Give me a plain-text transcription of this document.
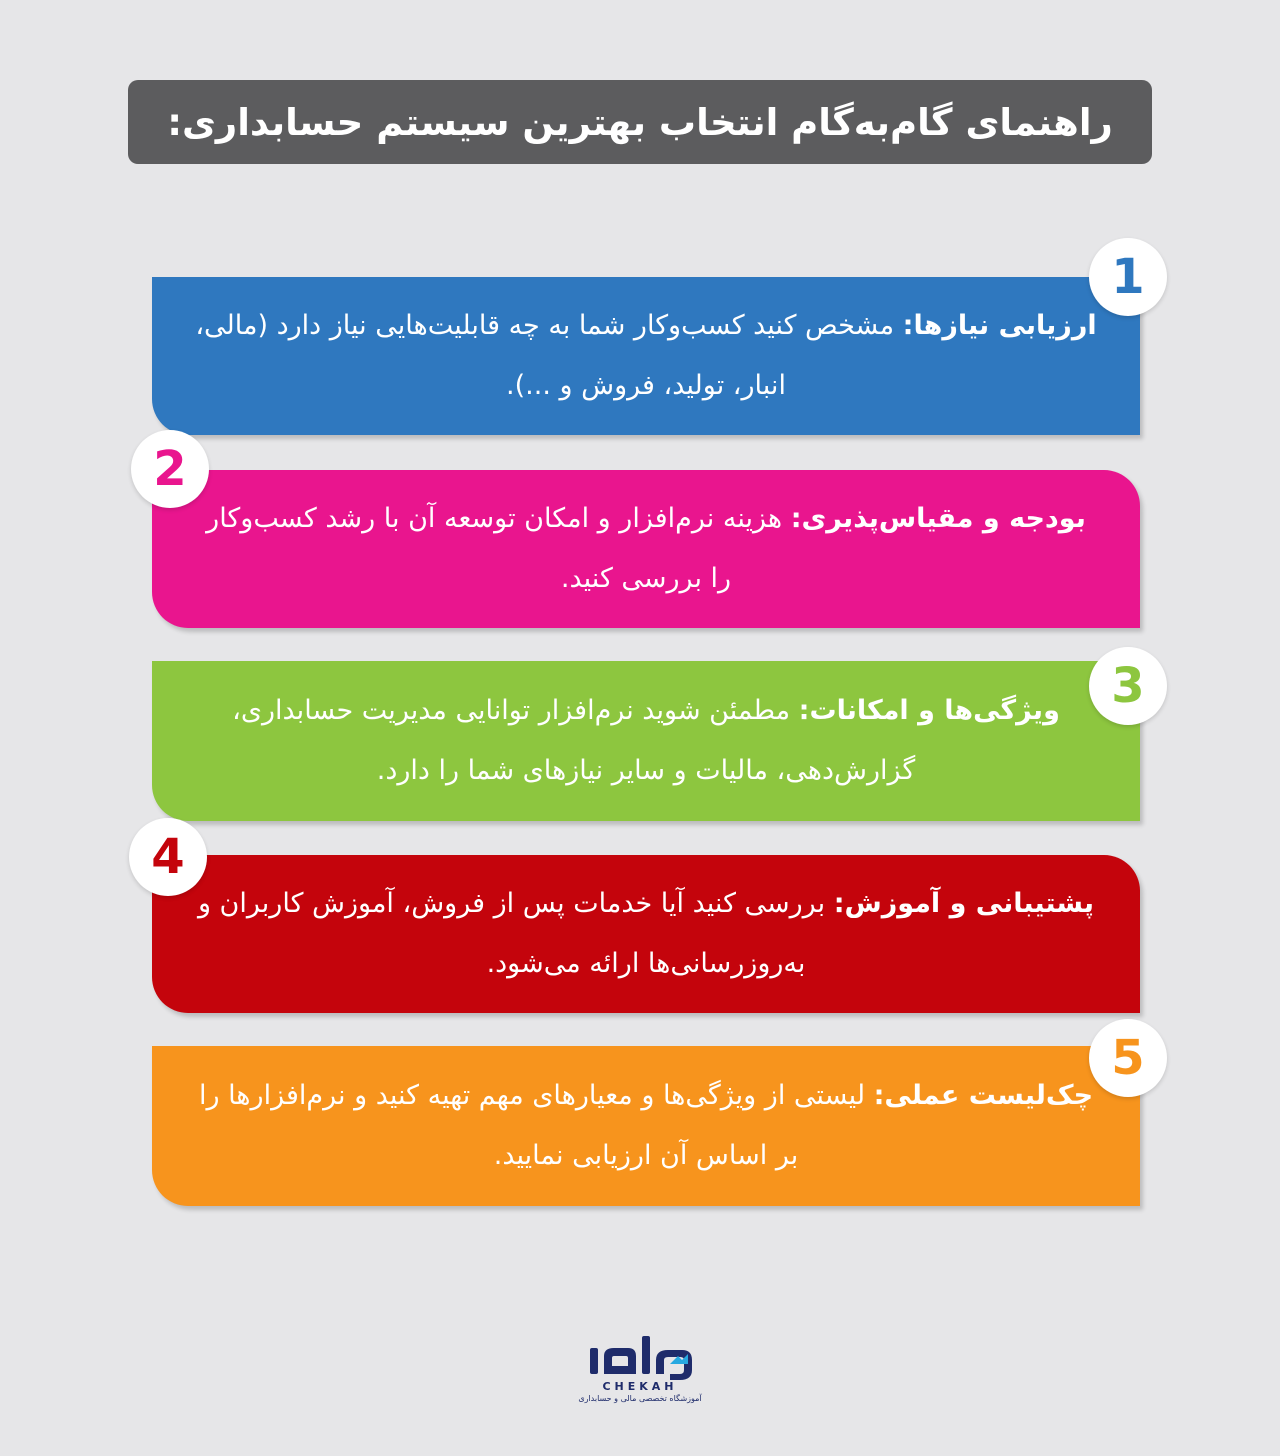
راهنمای گام‌به‌گام انتخاب بهترین سیستم حسابداری:
ارزیابی نیازها: مشخص کنید کسب‌وکار شما به چه قابلیت‌هایی نیاز دارد (مالی، انبار، تولید، فروش و ...).
1
بودجه و مقیاس‌پذیری: هزینه نرم‌افزار و امکان توسعه آن با رشد کسب‌وکار را بررسی کنید.
2
ویژگی‌ها و امکانات: مطمئن شوید نرم‌افزار توانایی مدیریت حسابداری، گزارش‌دهی، مالیات و سایر نیازهای شما را دارد.
3
پشتیبانی و آموزش: بررسی کنید آیا خدمات پس از فروش، آموزش کاربران و به‌روزرسانی‌ها ارائه می‌شود.
4
چک‌لیست عملی: لیستی از ویژگی‌ها و معیارهای مهم تهیه کنید و نرم‌افزارها را بر اساس آن ارزیابی نمایید.
5
CHEKAH
آموزشگاه تخصصی مالی و حسابداری
